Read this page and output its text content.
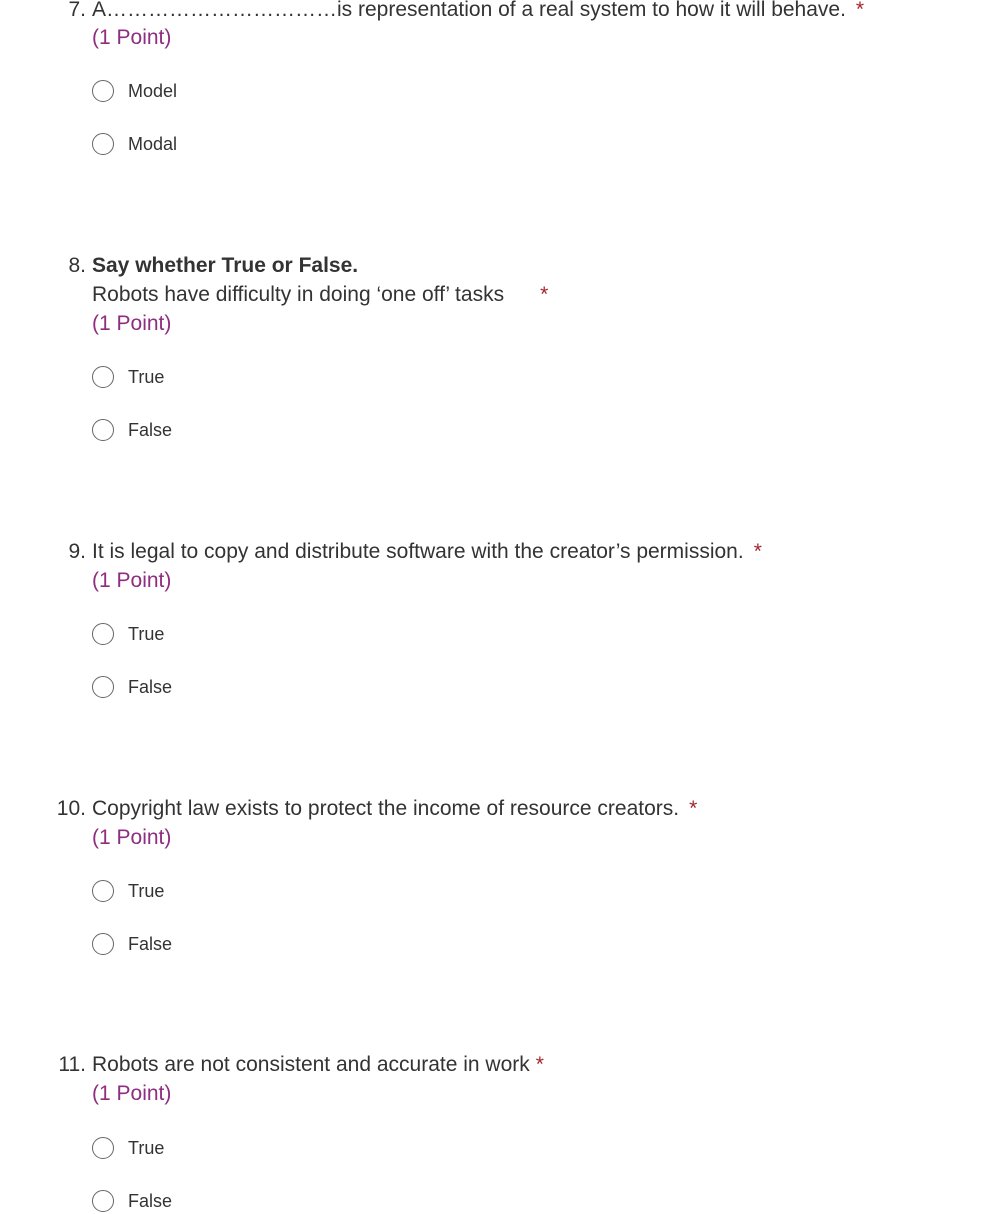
7. A……………………………is representation of a real system to how it will behave. *
(1 Point)
Model
Modal
8. Say whether True or False.
Robots have difficulty in doing ‘one off’ tasks *
(1 Point)
True
False
9. It is legal to copy and distribute software with the creator’s permission. *
(1 Point)
True
False
10. Copyright law exists to protect the income of resource creators. *
(1 Point)
True
False
11. Robots are not consistent and accurate in work *
(1 Point)
True
False
